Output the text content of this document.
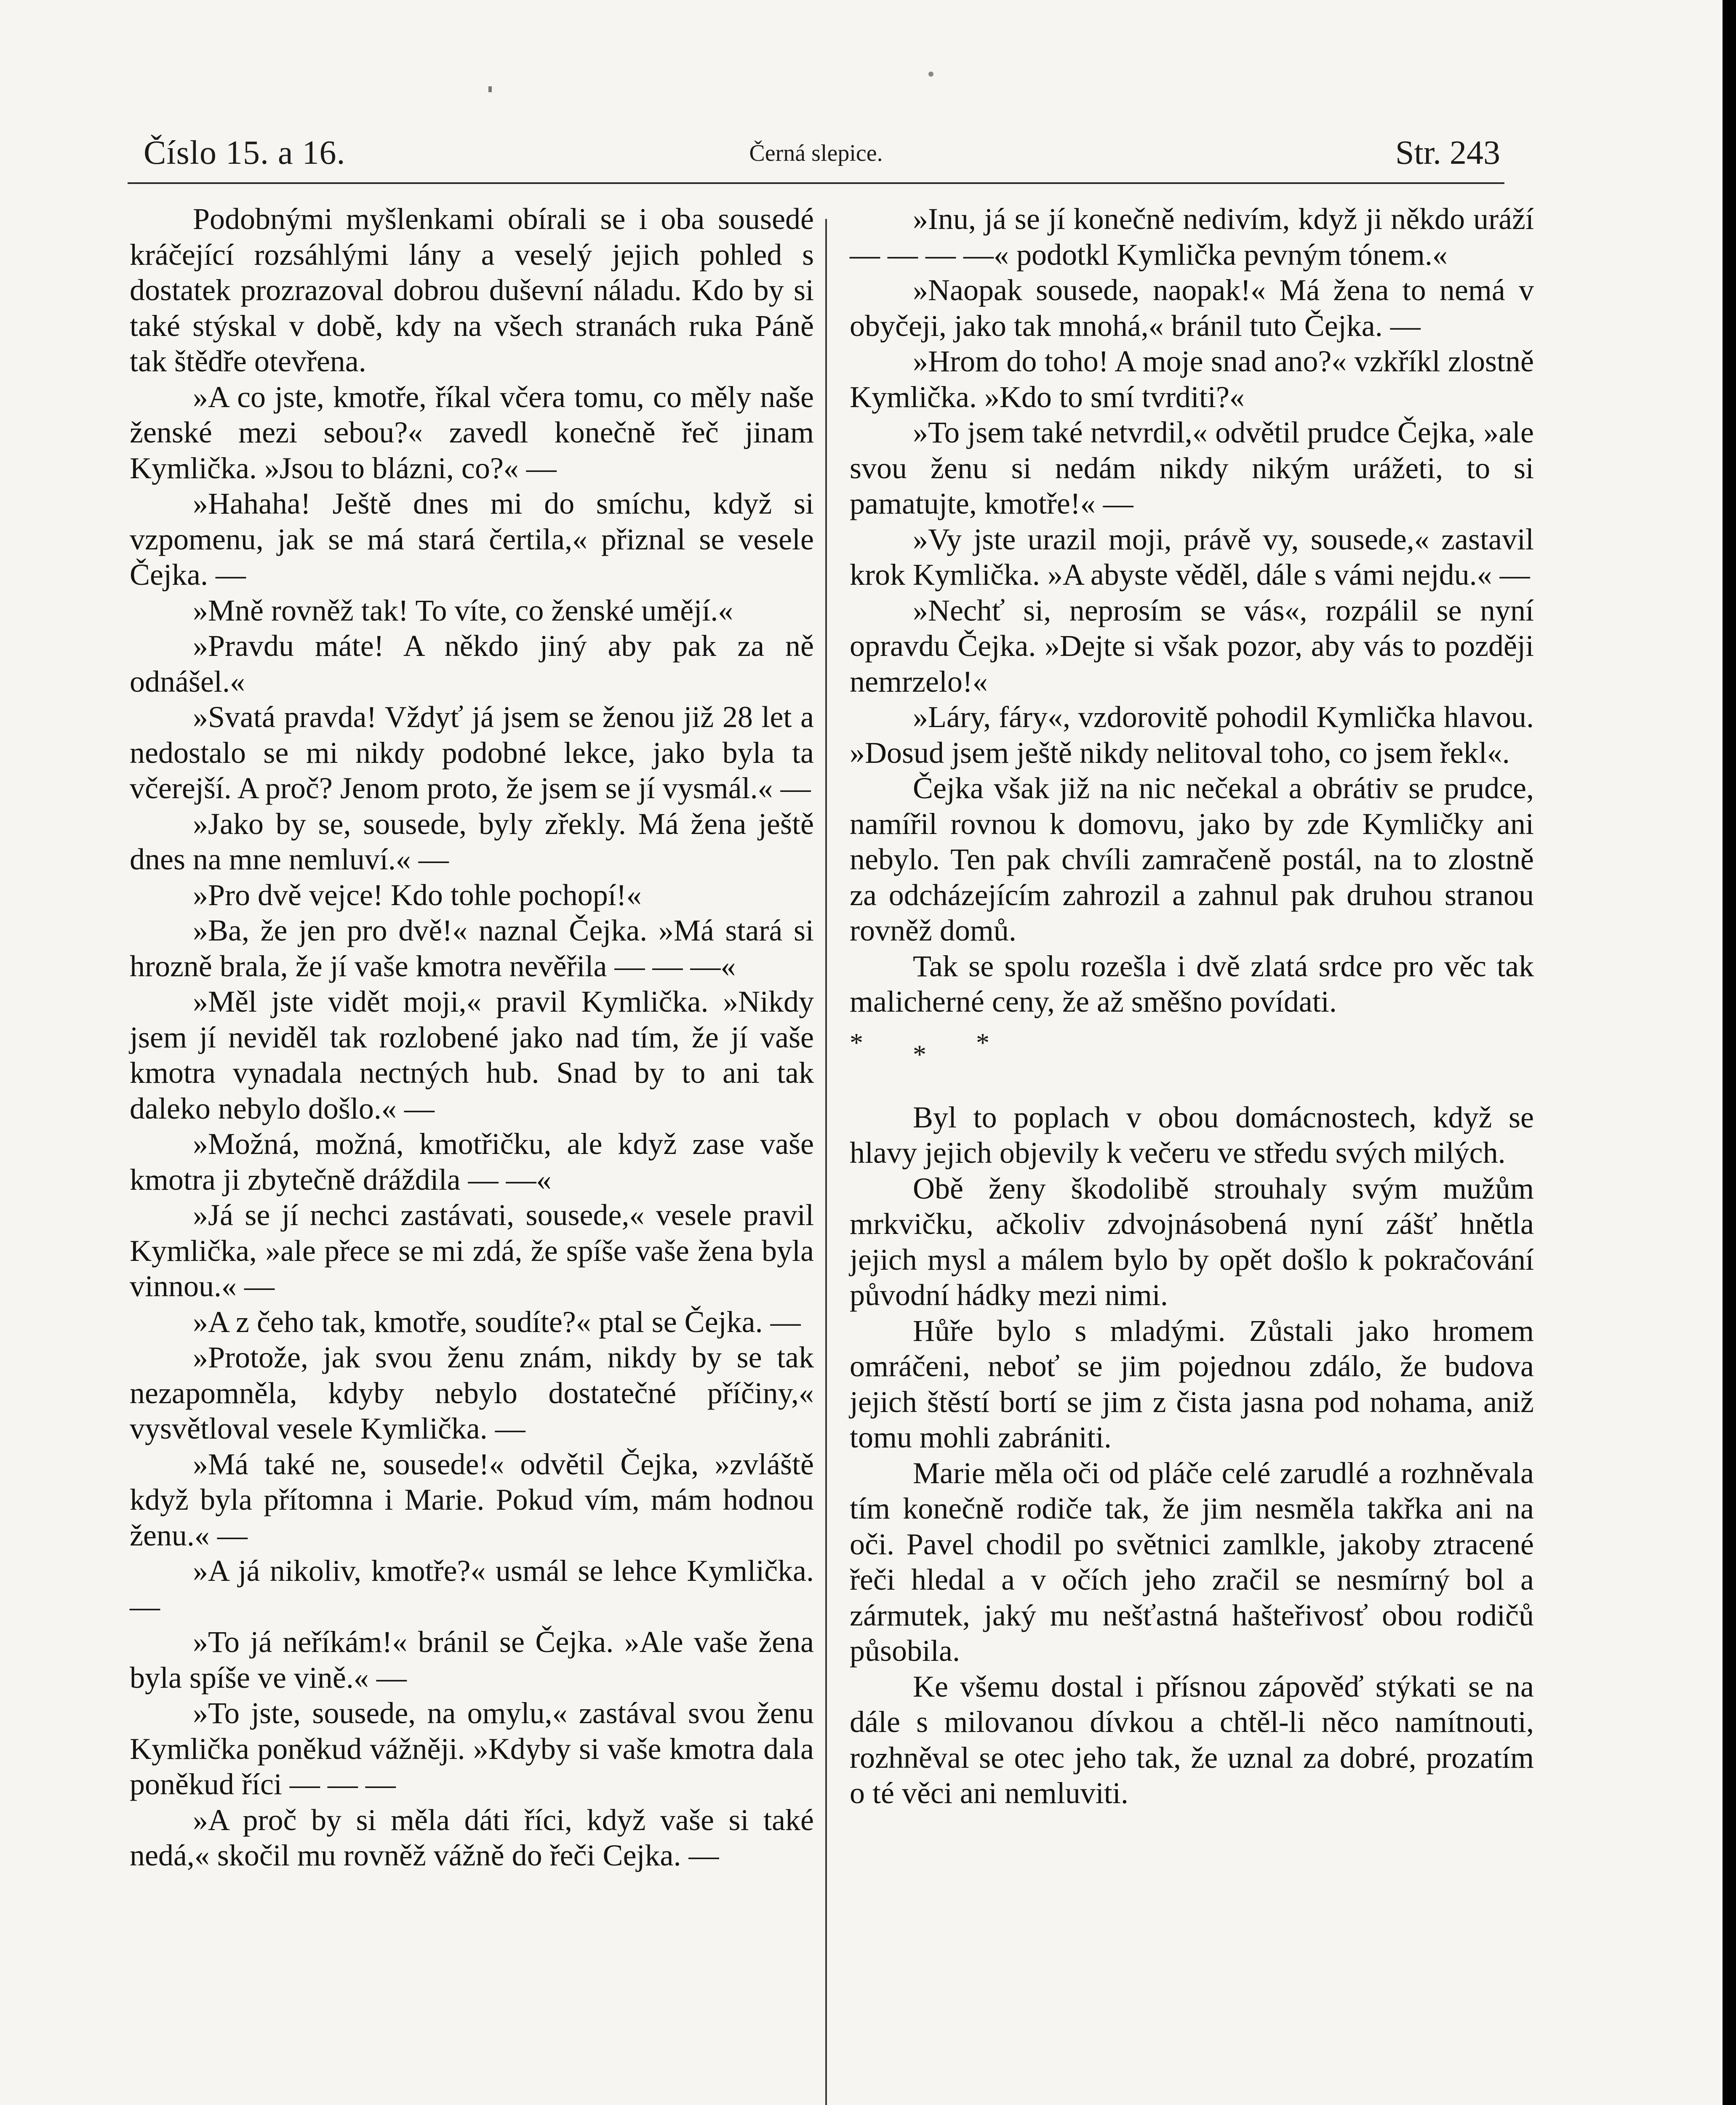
Číslo 15. a 16.	Černá slepice.	Str. 243

Podobnými myšlenkami obírali se i oba sousedé kráčející rozsáhlými lány a veselý jejich pohled s dostatek prozrazoval dobrou duševní náladu. Kdo by si také stýskal v době, kdy na všech stranách ruka Páně tak štědře otevřena.

»A co jste, kmotře, říkal včera tomu, co měly naše ženské mezi sebou?« zavedl konečně řeč jinam Kymlička. »Jsou to blázni, co?« —

»Hahaha! Ještě dnes mi do smíchu, když si vzpomenu, jak se má stará čertila,« přiznal se vesele Čejka. —

»Mně rovněž tak! To víte, co ženské umějí.«

»Pravdu máte! A někdo jiný aby pak za ně odnášel.«

»Svatá pravda! Vždyť já jsem se ženou již 28 let a nedostalo se mi nikdy podobné lekce, jako byla ta včerejší. A proč? Jenom proto, že jsem se jí vysmál.« —

»Jako by se, sousede, byly zřekly. Má žena ještě dnes na mne nemluví.« —

»Pro dvě vejce! Kdo tohle pochopí!«

»Ba, že jen pro dvě!« naznal Čejka. »Má stará si hrozně brala, že jí vaše kmotra nevěřila — — —«

»Měl jste vidět moji,« pravil Kymlička. »Nikdy jsem jí neviděl tak rozlobené jako nad tím, že jí vaše kmotra vynadala nectných hub. Snad by to ani tak daleko nebylo došlo.« —

»Možná, možná, kmotřičku, ale když zase vaše kmotra ji zbytečně dráždila — —«

»Já se jí nechci zastávati, sousede,« vesele pravil Kymlička, »ale přece se mi zdá, že spíše vaše žena byla vinnou.« —

»A z čeho tak, kmotře, soudíte?« ptal se Čejka. —

»Protože, jak svou ženu znám, nikdy by se tak nezapomněla, kdyby nebylo dostatečné příčiny,« vysvětloval vesele Kymlička. —

»Má také ne, sousede!« odvětil Čejka, »zvláště když byla přítomna i Marie. Pokud vím, mám hodnou ženu.« —

»A já nikoliv, kmotře?« usmál se lehce Kymlička. —

»To já neříkám!« bránil se Čejka. »Ale vaše žena byla spíše ve vině.« —

»To jste, sousede, na omylu,« zastával svou ženu Kymlička poněkud vážněji. »Kdyby si vaše kmotra dala poněkud říci — — —

»A proč by si měla dáti říci, když vaše si také nedá,« skočil mu rovněž vážně do řeči Cejka. —

»Inu, já se jí konečně nedivím, když ji někdo uráží — — — —« podotkl Kymlička pevným tónem.«

»Naopak sousede, naopak!« Má žena to nemá v obyčeji, jako tak mnohá,« bránil tuto Čejka. —

»Hrom do toho! A moje snad ano?« vzkříkl zlostně Kymlička. »Kdo to smí tvrditi?«

»To jsem také netvrdil,« odvětil prudce Čejka, »ale svou ženu si nedám nikdy nikým urážeti, to si pamatujte, kmotře!« —

»Vy jste urazil moji, právě vy, sousede,« zastavil krok Kymlička. »A abyste věděl, dále s vámi nejdu.« —

»Nechť si, neprosím se vás«, rozpálil se nyní opravdu Čejka. »Dejte si však pozor, aby vás to později nemrzelo!«

»Láry, fáry«, vzdorovitě pohodil Kymlička hlavou. »Dosud jsem ještě nikdy nelitoval toho, co jsem řekl«.

Čejka však již na nic nečekal a obrátiv se prudce, namířil rovnou k domovu, jako by zde Kymličky ani nebylo. Ten pak chvíli zamračeně postál, na to zlostně za odcházejícím zahrozil a zahnul pak druhou stranou rovněž domů.

Tak se spolu rozešla i dvě zlatá srdce pro věc tak malicherné ceny, že až směšno povídati.

* * *

Byl to poplach v obou domácnostech, když se hlavy jejich objevily k večeru ve středu svých milých.

Obě ženy škodolibě strouhaly svým mužům mrkvičku, ačkoliv zdvojnásobená nyní zášť hnětla jejich mysl a málem bylo by opět došlo k pokračování původní hádky mezi nimi.

Hůře bylo s mladými. Zůstali jako hromem omráčeni, neboť se jim pojednou zdálo, že budova jejich štěstí bortí se jim z čista jasna pod nohama, aniž tomu mohli zabrániti.

Marie měla oči od pláče celé zarudlé a rozhněvala tím konečně rodiče tak, že jim nesměla takřka ani na oči. Pavel chodil po světnici zamlkle, jakoby ztracené řeči hledal a v očích jeho zračil se nesmírný bol a zármutek, jaký mu nešťastná hašteřivosť obou rodičů působila.

Ke všemu dostal i přísnou zápověď stýkati se na dále s milovanou dívkou a chtěl-li něco namítnouti, rozhněval se otec jeho tak, že uznal za dobré, prozatím o té věci ani nemluviti.
